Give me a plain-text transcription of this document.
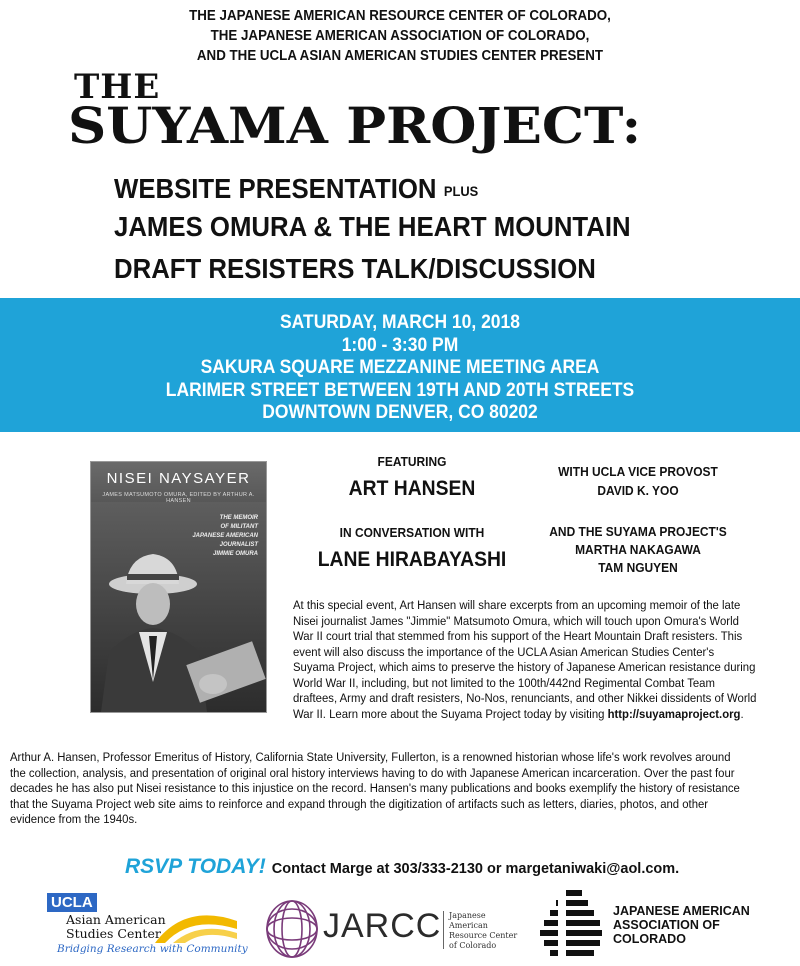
THE JAPANESE AMERICAN RESOURCE CENTER OF COLORADO,
THE JAPANESE AMERICAN ASSOCIATION OF COLORADO,
AND THE UCLA ASIAN AMERICAN STUDIES CENTER PRESENT
THE
SUYAMA PROJECT:
WEBSITE PRESENTATION PLUS
JAMES OMURA & THE HEART MOUNTAIN
DRAFT RESISTERS TALK/DISCUSSION
SATURDAY, MARCH 10, 2018
1:00 - 3:30 PM
SAKURA SQUARE MEZZANINE MEETING AREA
LARIMER STREET BETWEEN 19TH AND 20TH STREETS
DOWNTOWN DENVER, CO 80202
NISEI NAYSAYER
JAMES MATSUMOTO OMURA, EDITED BY ARTHUR A. HANSEN
THE MEMOIR
OF MILITANT
JAPANESE AMERICAN
JOURNALIST
JIMMIE OMURA
FEATURING
ART HANSEN
IN CONVERSATION WITH
LANE HIRABAYASHI
WITH UCLA VICE PROVOST
DAVID K. YOO
AND THE SUYAMA PROJECT'S
MARTHA NAKAGAWA
TAM NGUYEN
At this special event, Art Hansen will share excerpts from an upcoming memoir of the late Nisei journalist James "Jimmie" Matsumoto Omura, which will touch upon Omura's World War II court trial that stemmed from his support of the Heart Mountain Draft resisters. This event will also discuss the importance of the UCLA Asian American Studies Center's Suyama Project, which aims to preserve the history of Japanese American resistance during World War II, including, but not limited to the 100th/442nd Regimental Combat Team draftees, Army and draft resisters, No-Nos, renunciants, and other Nikkei dissidents of World War II. Learn more about the Suyama Project today by visiting http://suyamaproject.org.
Arthur A. Hansen, Professor Emeritus of History, California State University, Fullerton, is a renowned historian whose life's work revolves around the collection, analysis, and presentation of original oral history interviews having to do with Japanese American incarceration. Over the past four decades he has also put Nisei resistance to this injustice on the record. Hansen's many publications and books exemplify the history of resistance that the Suyama Project web site aims to reinforce and expand through the digitization of artifacts such as letters, diaries, photos, and other evidence from the 1940s.
RSVP TODAY! Contact Marge at 303/333-2130 or margetaniwaki@aol.com.
UCLA
Asian American
Studies Center
Bridging Research with Community
JARCC Japanese American
Resource Center
of Colorado
JAPANESE AMERICAN
ASSOCIATION OF
COLORADO
